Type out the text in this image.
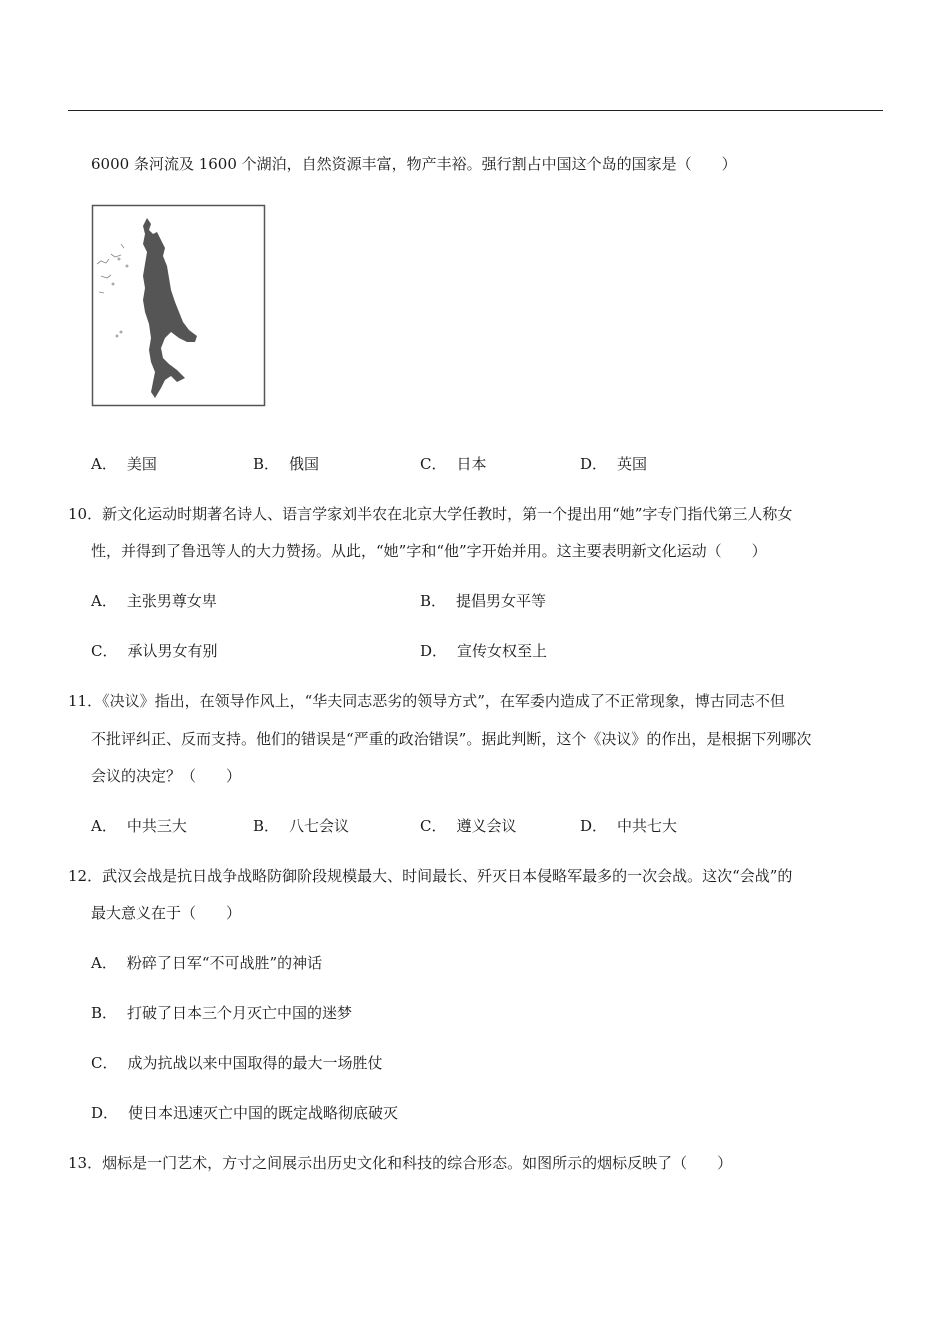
6000 条河流及 1600 个湖泊，自然资源丰富，物产丰裕。强行割占中国这个岛的国家是（　　）
A． 美国	B． 俄国	C． 日本	D． 英国
10．新文化运动时期著名诗人、语言学家刘半农在北京大学任教时，第一个提出用“她”字专门指代第三人称女
性，并得到了鲁迅等人的大力赞扬。从此，“她”字和“他”字开始并用。这主要表明新文化运动（　　）
A． 主张男尊女卑	B． 提倡男女平等
C． 承认男女有别	D． 宣传女权至上
11．《决议》指出，在领导作风上，“华夫同志恶劣的领导方式”，在军委内造成了不正常现象，博古同志不但
不批评纠正、反而支持。他们的错误是“严重的政治错误”。据此判断，这个《决议》的作出，是根据下列哪次
会议的决定？（　　）
A． 中共三大	B． 八七会议	C． 遵义会议	D． 中共七大
12．武汉会战是抗日战争战略防御阶段规模最大、时间最长、歼灭日本侵略军最多的一次会战。这次“会战”的
最大意义在于（　　）
A． 粉碎了日军“不可战胜”的神话
B． 打破了日本三个月灭亡中国的迷梦
C． 成为抗战以来中国取得的最大一场胜仗
D． 使日本迅速灭亡中国的既定战略彻底破灭
13．烟标是一门艺术，方寸之间展示出历史文化和科技的综合形态。如图所示的烟标反映了（　　）
